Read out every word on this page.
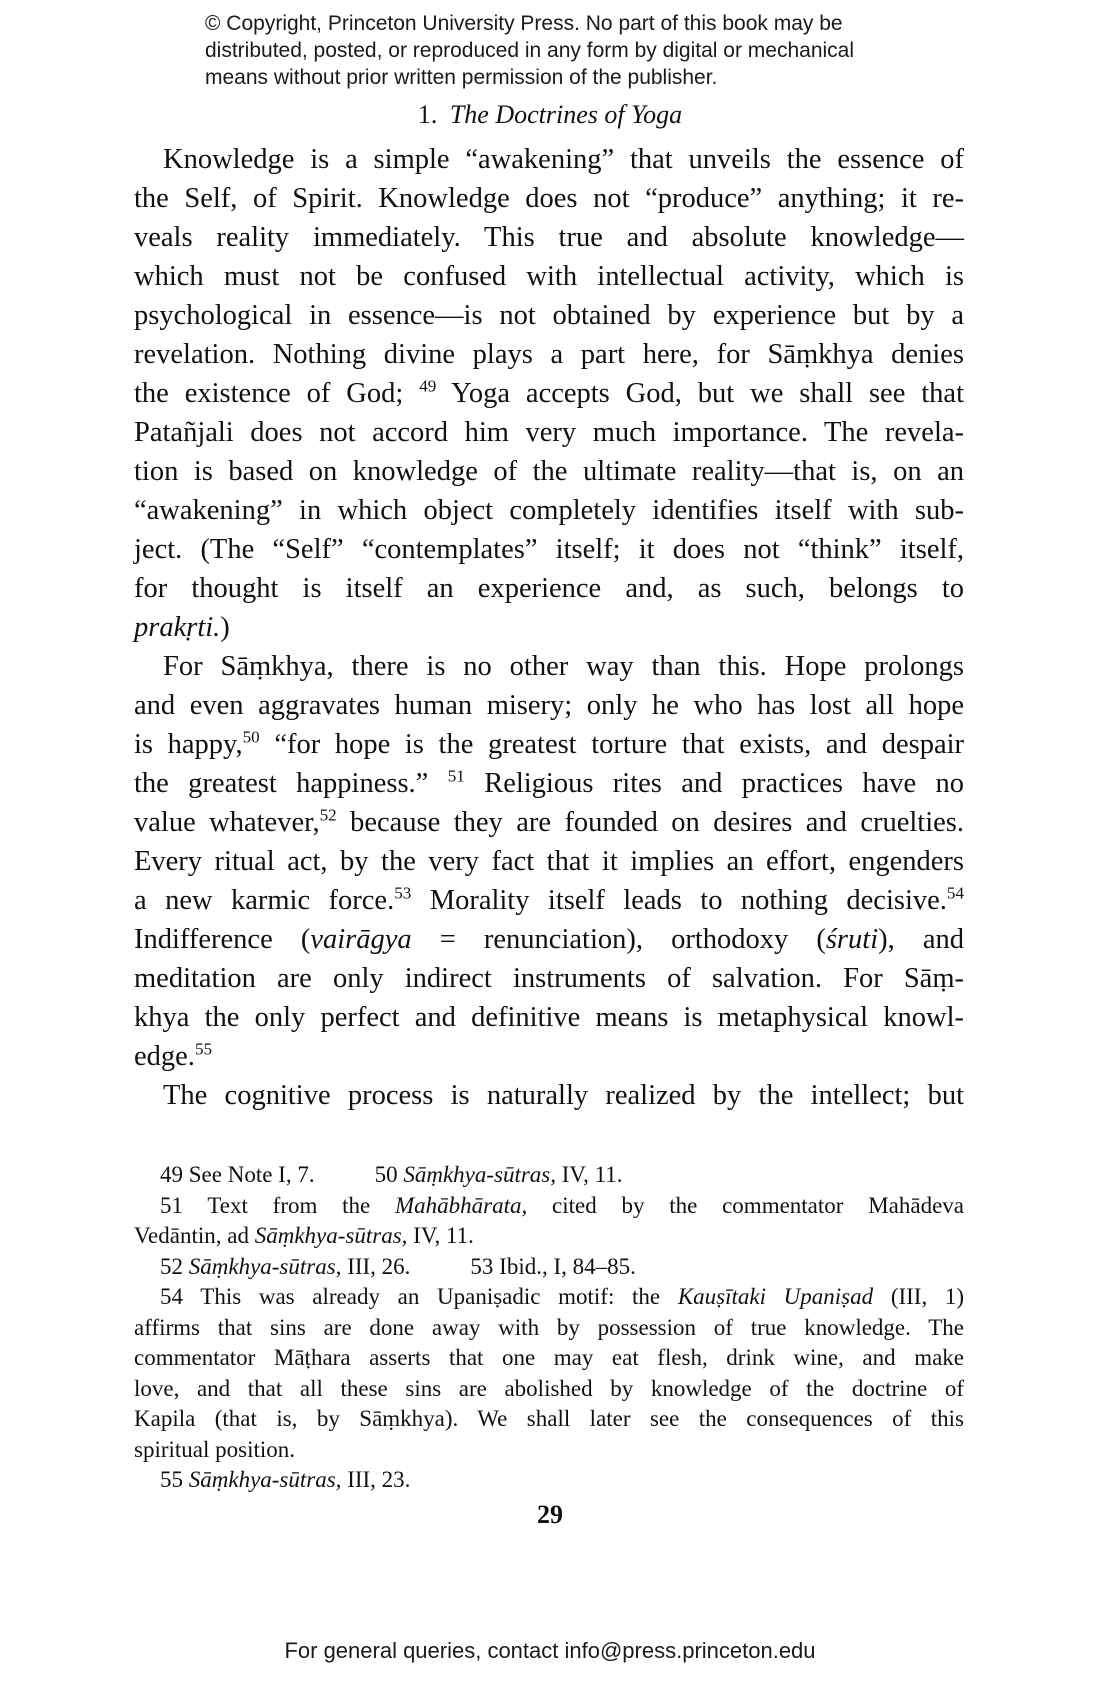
© Copyright, Princeton University Press. No part of this book may be
distributed, posted, or reproduced in any form by digital or mechanical
means without prior written permission of the publisher.
1. The Doctrines of Yoga
Knowledge is a simple “awakening” that unveils the essence of
the Self, of Spirit. Knowledge does not “produce” anything; it re-
veals reality immediately. This true and absolute knowledge—
which must not be confused with intellectual activity, which is
psychological in essence—is not obtained by experience but by a
revelation. Nothing divine plays a part here, for Sāṃkhya denies
the existence of God; $^{49}$ Yoga accepts God, but we shall see that
Patañjali does not accord him very much importance. The revela-
tion is based on knowledge of the ultimate reality—that is, on an
“awakening” in which object completely identifies itself with sub-
ject. (The “Self” “contemplates” itself; it does not “think” itself,
for thought is itself an experience and, as such, belongs to
prakṛti.)
For Sāṃkhya, there is no other way than this. Hope prolongs
and even aggravates human misery; only he who has lost all hope
is happy,$^{50}$ “for hope is the greatest torture that exists, and despair
the greatest happiness.” $^{51}$ Religious rites and practices have no
value whatever,$^{52}$ because they are founded on desires and cruelties.
Every ritual act, by the very fact that it implies an effort, engenders
a new karmic force.$^{53}$ Morality itself leads to nothing decisive.$^{54}$
Indifference (vairāgya = renunciation), orthodoxy (śruti), and
meditation are only indirect instruments of salvation. For Sāṃ-
khya the only perfect and definitive means is metaphysical knowl-
edge.$^{55}$
The cognitive process is naturally realized by the intellect; but
49 See Note I, 7.	50 Sāṃkhya-sūtras, IV, 11.
51 Text from the Mahābhārata, cited by the commentator Mahādeva
Vedāntin, ad Sāṃkhya-sūtras, IV, 11.
52 Sāṃkhya-sūtras, III, 26.	53 Ibid., I, 84–85.
54 This was already an Upaniṣadic motif: the Kauṣītaki Upaniṣad (III, 1)
affirms that sins are done away with by possession of true knowledge. The
commentator Māṭhara asserts that one may eat flesh, drink wine, and make
love, and that all these sins are abolished by knowledge of the doctrine of
Kapila (that is, by Sāṃkhya). We shall later see the consequences of this
spiritual position.
55 Sāṃkhya-sūtras, III, 23.
29
For general queries, contact info@press.princeton.edu
